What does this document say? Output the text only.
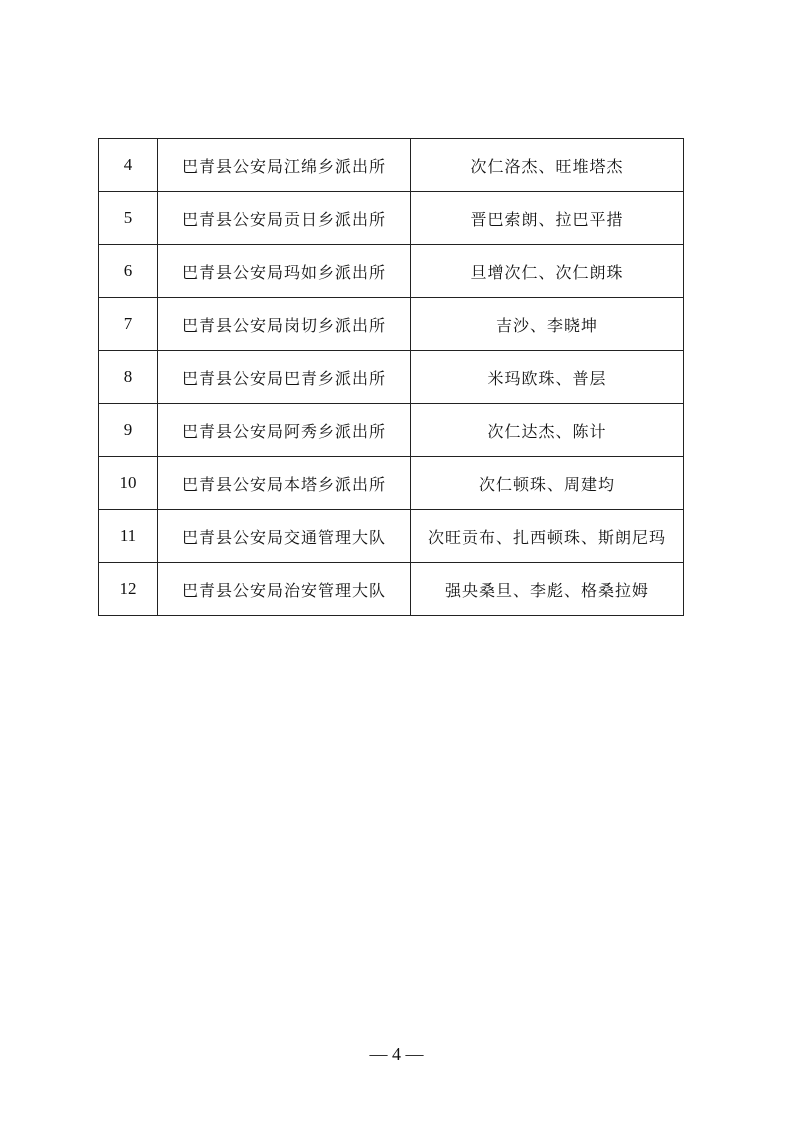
4	巴青县公安局江绵乡派出所	次仁洛杰、旺堆塔杰
5	巴青县公安局贡日乡派出所	晋巴索朗、拉巴平措
6	巴青县公安局玛如乡派出所	旦增次仁、次仁朗珠
7	巴青县公安局岗切乡派出所	吉沙、李晓坤
8	巴青县公安局巴青乡派出所	米玛欧珠、普层
9	巴青县公安局阿秀乡派出所	次仁达杰、陈计
10	巴青县公安局本塔乡派出所	次仁顿珠、周建均
11	巴青县公安局交通管理大队	次旺贡布、扎西顿珠、斯朗尼玛
12	巴青县公安局治安管理大队	强央桑旦、李彪、格桑拉姆
— 4 —
